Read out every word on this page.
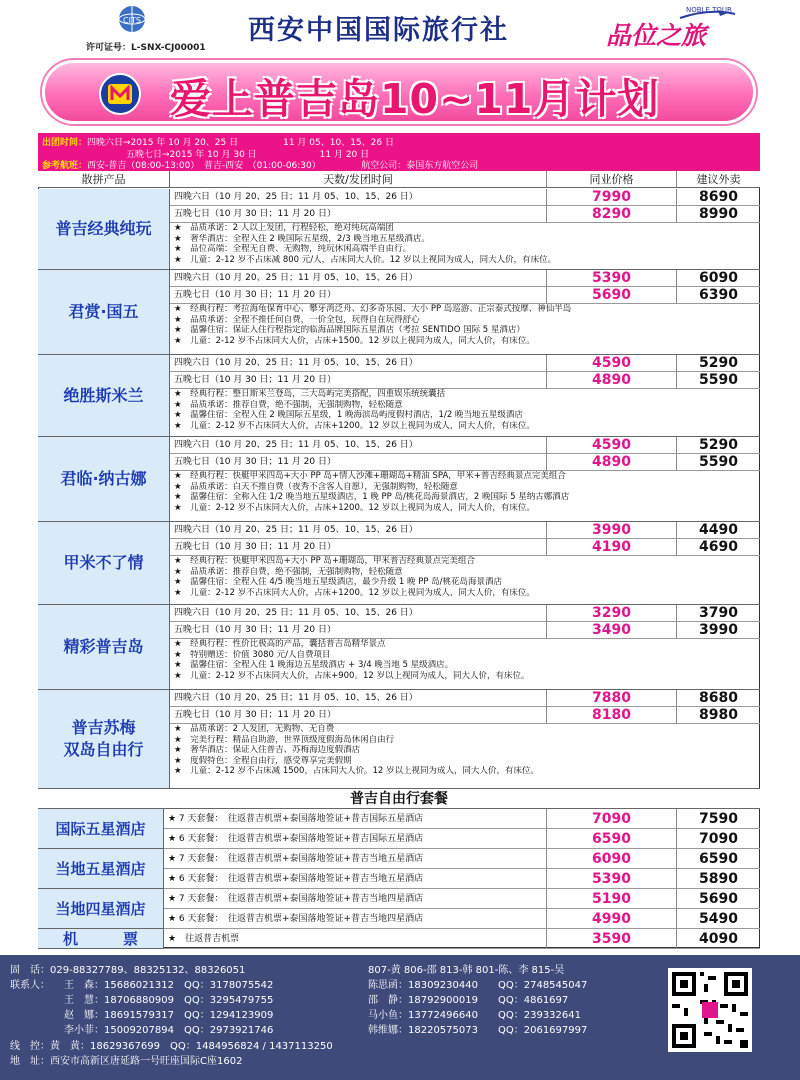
CITS
许可证号：L-SNX-CJ00001
西安中国国际旅行社	品位之旅
NOBLE TOUR
爱上普吉岛10~11月计划
出团时间：四晚六日→2015 年 10 月 20、25 日　　　　　11 月 05、10、15、26 日
五晚七日→2015 年 10 月 30 日　　　　　　　11 月 20 日
参考航班：西安-普吉（08:00-13:00）　普吉-西安　（01:00-06:30）　　　　　航空公司：泰国东方航空公司
散拼产品	天数/发团时间	同业价格	建议外卖
普吉经典纯玩
四晚六日（10 月 20、25 日；11 月 05、10、15、26 日）	7990	8690
五晚七日（10 月 30 日；11 月 20 日）	8290	8990
★　品质承诺：2 人以上发团，行程轻松，绝对纯玩高端团
★　奢华酒店：全程入住 2 晚国际五星级，2/3 晚当地五星级酒店。
★　品位高端：全程无自费、无购物，纯玩休闲高端半自由行。
★　儿童：2-12 岁不占床减 800 元/人，占床同大人价。12 岁以上视同为成人，同大人价，有床位。
君赏·国五
四晚六日（10 月 20、25 日；11 月 05、10、15、26 日）	5390	6090
五晚七日（10 月 30 日；11 月 20 日）	5690	6390
★　经典行程：考拉海龟保育中心、攀牙湾泛舟、幻多奇乐园、大小 PP 岛巡游、正宗泰式按摩、神仙半岛
★　品质承诺：全程不推任何自费，一价全包，玩得自在玩得舒心
★　温馨住宿：保证入住行程指定的临海品牌国际五星酒店（考拉 SENTIDO 国际 5 星酒店）
★　儿童：2-12 岁不占床同大人价，占床+1500。12 岁以上视同为成人，同大人价，有床位。
绝胜斯米兰
四晚六日（10 月 20、25 日；11 月 05、10、15、26 日）	4590	5290
五晚七日（10 月 30 日；11 月 20 日）	4890	5590
★　经典行程：整日斯米兰登岛，三大岛屿完美搭配，四重娱乐统统囊括
★　品质承诺：推荐自费，绝不强制，无强制购物，轻松随意
★　温馨住宿：全程入住 2 晚国际五星级，1 晚海滨岛屿度假村酒店，1/2 晚当地五星级酒店
★　儿童：2-12 岁不占床同大人价，占床+1200。12 岁以上视同为成人，同大人价，有床位。
君临·纳古娜
四晚六日（10 月 20、25 日；11 月 05、10、15、26 日）	4590	5290
五晚七日（10 月 30 日；11 月 20 日）	4890	5590
★　经典行程：快艇甲米四岛+大小 PP 岛+情人沙滩+珊瑚岛+精油 SPA，甲米+普吉经典景点完美组合
★　品质承诺：白天不推自费（夜秀不含客人自愿），无强制购物，轻松随意
★　温馨住宿：全称入住 1/2 晚当地五星级酒店，1 晚 PP 岛/桃花岛海景酒店，2 晚国际 5 星纳古娜酒店
★　儿童：2-12 岁不占床同大人价，占床+1200。12 岁以上视同为成人，同大人价，有床位。
甲米不了情
四晚六日（10 月 20、25 日；11 月 05、10、15、26 日）	3990	4490
五晚七日（10 月 30 日；11 月 20 日）	4190	4690
★　经典行程：快艇甲米四岛+大小 PP 岛+珊瑚岛，甲米普吉经典景点完美组合
★　品质承诺：推荐自费，绝不强制，无强制购物，轻松随意
★　温馨住宿：全程入住 4/5 晚当地五星级酒店，最少升级 1 晚 PP 岛/桃花岛海景酒店
★　儿童：2-12 岁不占床同大人价，占床+1200。12 岁以上视同为成人，同大人价，有床位。
精彩普吉岛
四晚六日（10 月 20、25 日；11 月 05、10、15、26 日）	3290	3790
五晚七日（10 月 30 日；11 月 20 日）	3490	3990
★　经典行程：性价比极高的产品，囊括普吉岛精华景点
★　特别赠送：价值 3080 元/人自费项目
★　温馨住宿：全程入住 1 晚海边五星级酒店 + 3/4 晚当地 5 星级酒店。
★　儿童：2-12 岁不占床同大人价，占床+900。12 岁以上视同为成人，同大人价，有床位。
普吉苏梅
双岛自由行
四晚六日（10 月 20、25 日；11 月 05、10、15、26 日）	7880	8680
五晚七日（10 月 30 日；11 月 20 日）	8180	8980
★　品质承诺：2 人发团，无购物、无自费
★　完美行程：精品自助游，世界顶级度假海岛休闲自由行
★　奢华酒店：保证入住普吉、苏梅海边度假酒店
★　度假特色：全程自由行，感受尊享完美假期
★　儿童：2-12 岁不占床减 1500，占床同大人价。12 岁以上视同为成人，同大人价，有床位。
普吉自由行套餐
国际五星酒店
★ 7 天套餐：　往返普吉机票+泰国落地签证+普吉国际五星酒店	7090	7590
★ 6 天套餐：　往返普吉机票+泰国落地签证+普吉国际五星酒店	6590	7090
当地五星酒店
★ 7 天套餐：　往返普吉机票+泰国落地签证+普吉当地五星酒店	6090	6590
★ 6 天套餐：　往返普吉机票+泰国落地签证+普吉当地五星酒店	5390	5890
当地四星酒店
★ 7 天套餐：　往返普吉机票+泰国落地签证+普吉当地四星酒店	5190	5690
★ 6 天套餐：　往返普吉机票+泰国落地签证+普吉当地四星酒店	4990	5490
机　　　票	★　往返普吉机票	3590	4090
固　话：029-88327789、88325132、88326051	807-黄 806-邵 813-韩 801-陈、李 815-吴
联系人：
线　控：黄　黄：18629367699　QQ：1484956824 / 1437113250
地　址：西安市高新区唐延路一号旺座国际C座1602
王　森：15686021312　QQ：3178075542
王　慧：18706880909　QQ：3295479755
赵　娜：18691579317　QQ：1294123909
李小菲：15009207894　QQ：2973921746
陈思函：18309230440　　QQ：2748545047
邵　静：18792900019　　QQ：4861697
马小鱼：13772496640　　QQ：239332641
韩维娜：18220575073　　QQ：2061697997
